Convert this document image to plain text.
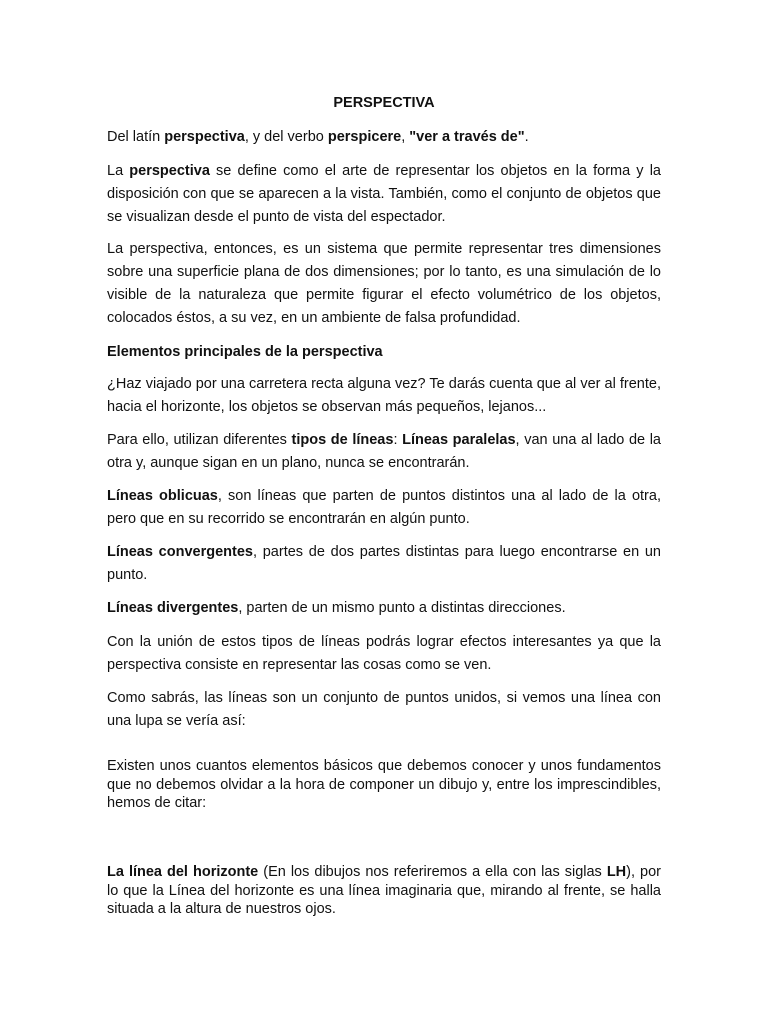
PERSPECTIVA

Del latín perspectiva, y del verbo perspicere, "ver a través de".

La perspectiva se define como el arte de representar los objetos en la forma y la disposición con que se aparecen a la vista. También, como el conjunto de objetos que se visualizan desde el punto de vista del espectador.

La perspectiva, entonces, es un sistema que permite representar tres dimensiones sobre una superficie plana de dos dimensiones; por lo tanto, es una simulación de lo visible de la naturaleza que permite figurar el efecto volumétrico de los objetos, colocados éstos, a su vez, en un ambiente de falsa profundidad.

Elementos principales de la perspectiva

¿Haz viajado por una carretera recta alguna vez? Te darás cuenta que al ver al frente, hacia el horizonte, los objetos se observan más pequeños, lejanos...

Para ello, utilizan diferentes tipos de líneas: Líneas paralelas, van una al lado de la otra y, aunque sigan en un plano, nunca se encontrarán.

Líneas oblicuas, son líneas que parten de puntos distintos una al lado de la otra, pero que en su recorrido se encontrarán en algún punto.

Líneas convergentes, partes de dos partes distintas para luego encontrarse en un punto.

Líneas divergentes, parten de un mismo punto a distintas direcciones.

Con la unión de estos tipos de líneas podrás lograr efectos interesantes ya que la perspectiva consiste en representar las cosas como se ven.

Como sabrás, las líneas son un conjunto de puntos unidos, si vemos una línea con una lupa se vería así:

Existen unos cuantos elementos básicos que debemos conocer y unos fundamentos que no debemos olvidar a la hora de componer un dibujo y, entre los imprescindibles, hemos de citar:

La línea del horizonte (En los dibujos nos referiremos a ella con las siglas LH), por lo que la Línea del horizonte es una línea imaginaria que, mirando al frente, se halla situada a la altura de nuestros ojos.
